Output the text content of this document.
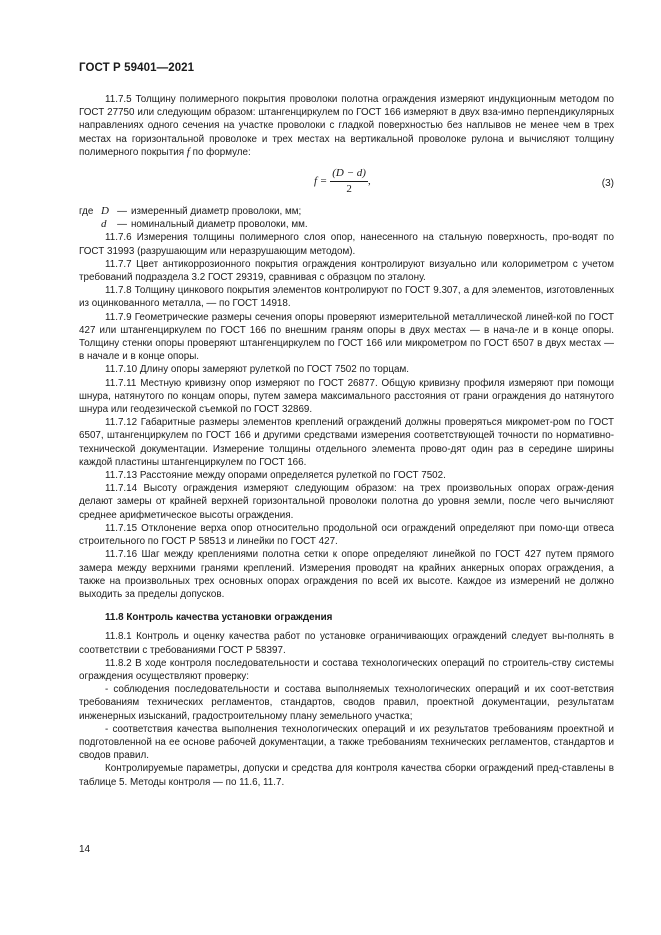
ГОСТ Р 59401—2021

11.7.5 Толщину полимерного покрытия проволоки полотна ограждения измеряют индукционным методом по ГОСТ 27750 или следующим образом: штангенциркулем по ГОСТ 166 измеряют в двух вза-имно перпендикулярных направлениях одного сечения на участке проволоки с гладкой поверхностью без наплывов не менее чем в трех местах на горизонтальной проволоке и трех местах на вертикальной проволоке рулона и вычисляют толщину полимерного покрытия f по формуле:

$f = \frac{(D - d)}{2}$ ,	(3)
где D — измеренный диаметр проволоки, мм;
d	— номинальный диаметр проволоки, мм.

11.7.6 Измерения толщины полимерного слоя опор, нанесенного на стальную поверхность, про-водят по ГОСТ 31993 (разрушающим или неразрушающим методом).

11.7.7 Цвет антикоррозионного покрытия ограждения контролируют визуально или колориметром с учетом требований подраздела 3.2 ГОСТ 29319, сравнивая с образцом по эталону.

11.7.8 Толщину цинкового покрытия элементов контролируют по ГОСТ 9.307, а для элементов, изготовленных из оцинкованного металла, — по ГОСТ 14918.

11.7.9 Геометрические размеры сечения опоры проверяют измерительной металлической линей-кой по ГОСТ 427 или штангенциркулем по ГОСТ 166 по внешним граням опоры в двух местах — в нача-ле и в конце опоры. Толщину стенки опоры проверяют штангенциркулем по ГОСТ 166 или микрометром по ГОСТ 6507 в двух местах — в начале и в конце опоры.

11.7.10 Длину опоры замеряют рулеткой по ГОСТ 7502 по торцам.

11.7.11 Местную кривизну опор измеряют по ГОСТ 26877. Общую кривизну профиля измеряют при помощи шнура, натянутого по концам опоры, путем замера максимального расстояния от грани ограждения до натянутого шнура или геодезической съемкой по ГОСТ 32869.

11.7.12 Габаритные размеры элементов креплений ограждений должны проверяться микромет-ром по ГОСТ 6507, штангенциркулем по ГОСТ 166 и другими средствами измерения соответствующей точности по нормативно-технической документации. Измерение толщины отдельного элемента прово-дят один раз в середине ширины каждой пластины штангенциркулем по ГОСТ 166.

11.7.13 Расстояние между опорами определяется рулеткой по ГОСТ 7502.

11.7.14 Высоту ограждения измеряют следующим образом: на трех произвольных опорах ограж-дения делают замеры от крайней верхней горизонтальной проволоки полотна до уровня земли, после чего вычисляют среднее арифметическое высоты ограждения.

11.7.15 Отклонение верха опор относительно продольной оси ограждений определяют при помо-щи отвеса строительного по ГОСТ Р 58513 и линейки по ГОСТ 427.

11.7.16 Шаг между креплениями полотна сетки к опоре определяют линейкой по ГОСТ 427 путем прямого замера между верхними гранями креплений. Измерения проводят на крайних анкерных опорах ограждения, а также на произвольных трех основных опорах ограждения по всей их высоте. Каждое из измерений не должно выходить за пределы допусков.

11.8 Контроль качества установки ограждения

11.8.1 Контроль и оценку качества работ по установке ограничивающих ограждений следует вы-полнять в соответствии с требованиями ГОСТ Р 58397.

11.8.2 В ходе контроля последовательности и состава технологических операций по строитель-ству системы ограждения осуществляют проверку:

- соблюдения последовательности и состава выполняемых технологических операций и их соот-ветствия требованиям технических регламентов, стандартов, сводов правил, проектной документации, результатам инженерных изысканий, градостроительному плану земельного участка;

- соответствия качества выполнения технологических операций и их результатов требованиям проектной и подготовленной на ее основе рабочей документации, а также требованиям технических регламентов, стандартов и сводов правил.

Контролируемые параметры, допуски и средства для контроля качества сборки ограждений пред-ставлены в таблице 5. Методы контроля — по 11.6, 11.7.

14
